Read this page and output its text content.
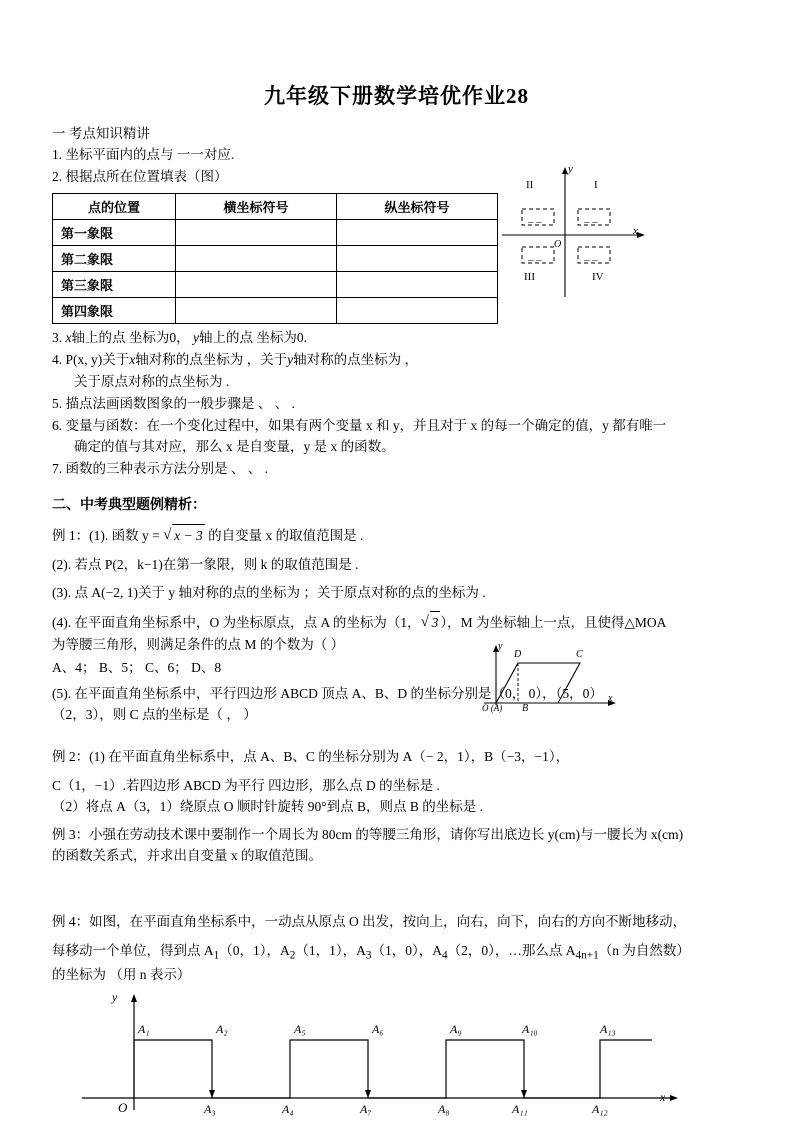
九年级下册数学培优作业28
一 考点知识精讲
1. 坐标平面内的点与 一一对应.
2. 根据点所在位置填表（图）
点的位置	横坐标符号	纵坐标符号
第一象限		
第二象限		
第三象限		
第四象限		
3. x轴上的点 坐标为0， y轴上的点 坐标为0.
4. P(x, y)关于x轴对称的点坐标为 ，关于y轴对称的点坐标为 ，
关于原点对称的点坐标为 .
5. 描点法画函数图象的一般步骤是 、 、 .
6. 变量与函数：在一个变化过程中，如果有两个变量 x 和 y，并且对于 x 的每一个确定的值，y 都有唯一
确定的值与其对应，那么 x 是自变量，y 是 x 的函数。
7. 函数的三种表示方法分别是 、 、 .
二、中考典型题例精析：
例 1：(1). 函数 y = √ x − 3 的自变量 x 的取值范围是 .
(2). 若点 P(2，k−1)在第一象限，则 k 的取值范围是 .
(3). 点 A(−2, 1)关于 y 轴对称的点的坐标为 ；关于原点对称的点的坐标为 .
(4). 在平面直角坐标系中，O 为坐标原点，点 A 的坐标为（1， √ 3 ），M 为坐标轴上一点，且使得△MOA
为等腰三角形，则满足条件的点 M 的个数为（ ）
A、4； B、5； C、6； D、8
(5). 在平面直角坐标系中，平行四边形 ABCD 顶点 A、B、D 的坐标分别是（0， 0），（5，0）
（2，3），则 C 点的坐标是（ ， ）
例 2：(1) 在平面直角坐标系中，点 A、B、C 的坐标分别为 A（− 2，1），B（−3，−1），
C（1，−1）.若四边形 ABCD 为平行 四边形，那么点 D 的坐标是 .
（2）将点 A（3，1）绕原点 O 顺时针旋转 90°到点 B，则点 B 的坐标是 .
例 3：小强在劳动技术课中要制作一个周长为 80cm 的等腰三角形，请你写出底边长 y(cm)与一腰长为 x(cm)
的函数关系式，并求出自变量 x 的取值范围。
例 4：如图，在平面直角坐标系中，一动点从原点 O 出发，按向上，向右，向下，向右的方向不断地移动，
每移动一个单位，得到点 $A_1(0$，1），$A_2(1$，1），$A_3(1$，0），$A_4(2$，0），…那么点 $A_{4n+1}(n$ 为自然数）
的坐标为 （用 n 表示）
y
x
O
A₁	A₂	A₅	A₆	A₉	A₁₀	A₁₃
A₃	A₄	A₇	A₈	A₁₁	A₁₂
_ _	_ _
_ _	_ _
O
y
x
II	I
III	IV
y
x
O (A)
D	C
B
